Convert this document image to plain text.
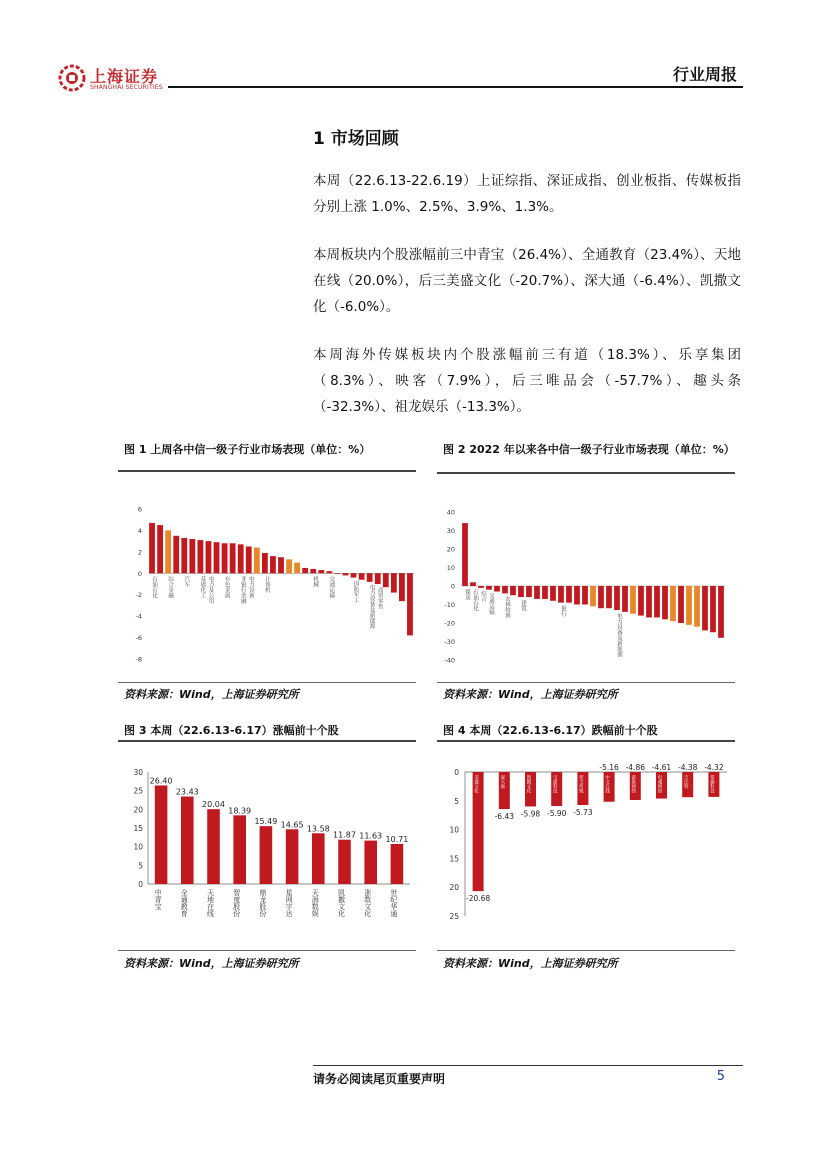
上海证券
SHANGHAI SECURITIES
行业周报
1 市场回顾

本周（22.6.13-22.6.19）上证综指、深证成指、创业板指、传媒板指分别上涨 1.0%、2.5%、3.9%、1.3%。

本周板块内个股涨幅前三中青宝（26.4%）、全通教育（23.4%）、天地在线（20.0%），后三美盛文化（-20.7%）、深大通（-6.4%）、凯撒文化（-6.0%）。

本周海外传媒板块内个股涨幅前三有道（18.3%）、乐享集团（8.3%）、映客（7.9%），后三唯品会（-57.7%）、趣头条（-32.3%）、祖龙娱乐（-13.3%）。

图 1 上周各中信一级子行业市场表现（单位：%）
6
4
2
0
-2
-4
-6
-8
石油石化 综合金融 汽车 基础化工 电力及公用 有色金属 非银行金融 电力设备 计算机	机械 交通运输	国防军工 电力设备及新能源 商贸零售
资料来源：Wind，上海证券研究所
图 2 2022 年以来各中信一级子行业市场表现（单位：%）
40
30
20
10
0
-10
-20
-30
-40
煤炭 石油石化 综合 交通运输 农林牧渔 建筑
银行
电力设备及新能源
资料来源：Wind，上海证券研究所
图 3 本周（22.6.13-6.17）涨幅前十个股
30
25
20
15
10
5
0
26.40
中青宝
23.43
全通教育
20.04
天地在线
18.39
智度股份
15.49
鼎龙股份
14.65
星网宇达
13.58
天润数娱
11.87
凯撒文化
11.63
浙数文化
10.71
世纪华通
资料来源：Wind，上海证券研究所
图 4 本周（22.6.13-6.17）跌幅前十个股
0
5
10
15
20
25
-20.68
美盛文化
-6.43
深大通
-5.98
凯撒文化
-5.90
宝通科技
-5.73
慈文传媒
-5.16
中文在线
-4.86
游族网络
-4.61
电魂网络
-4.38
吉比特
-4.32
掌趣科技
资料来源：Wind，上海证券研究所
请务必阅读尾页重要声明	5
